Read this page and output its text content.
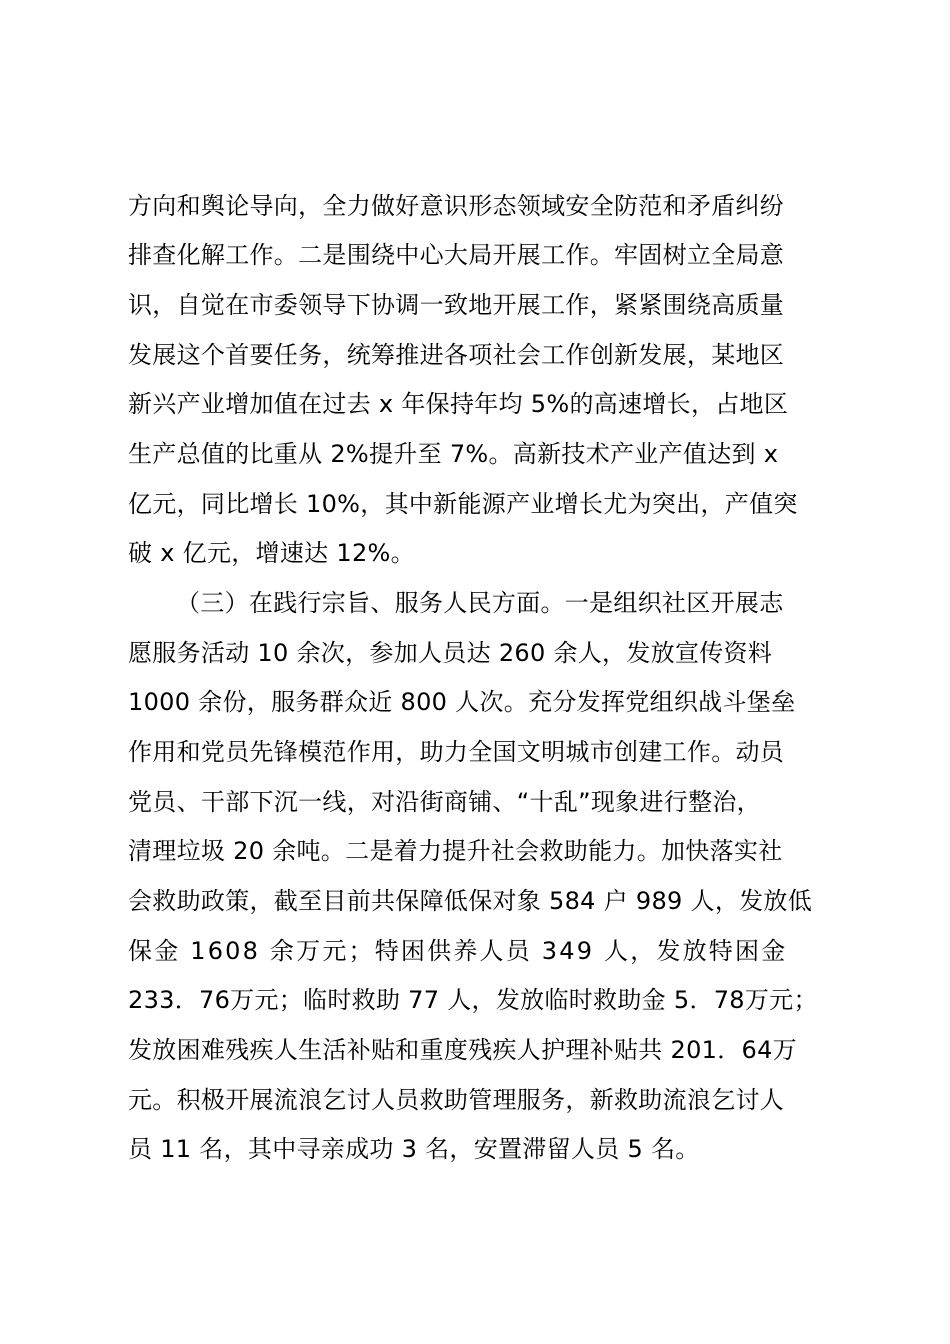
方向和舆论导向，全力做好意识形态领域安全防范和矛盾纠纷
排查化解工作。二是围绕中心大局开展工作。牢固树立全局意
识，自觉在市委领导下协调一致地开展工作，紧紧围绕高质量
发展这个首要任务，统筹推进各项社会工作创新发展，某地区
新兴产业增加值在过去 x 年保持年均 5%的高速增长，占地区
生产总值的比重从 2%提升至 7%。高新技术产业产值达到 x
亿元，同比增长 10%，其中新能源产业增长尤为突出，产值突
破 x 亿元，增速达 12%。
（三）在践行宗旨、服务人民方面。一是组织社区开展志
愿服务活动 10 余次，参加人员达 260 余人，发放宣传资料
1000 余份，服务群众近 800 人次。充分发挥党组织战斗堡垒
作用和党员先锋模范作用，助力全国文明城市创建工作。动员
党员、干部下沉一线，对沿街商铺、“十乱”现象进行整治，
清理垃圾 20 余吨。二是着力提升社会救助能力。加快落实社
会救助政策，截至目前共保障低保对象 584 户 989 人，发放低
保金 1608 余万元；特困供养人员 349 人，发放特困金
233．76万元；临时救助 77 人，发放临时救助金 5．78万元；
发放困难残疾人生活补贴和重度残疾人护理补贴共 201．64万
元。积极开展流浪乞讨人员救助管理服务，新救助流浪乞讨人
员 11 名，其中寻亲成功 3 名，安置滞留人员 5 名。
